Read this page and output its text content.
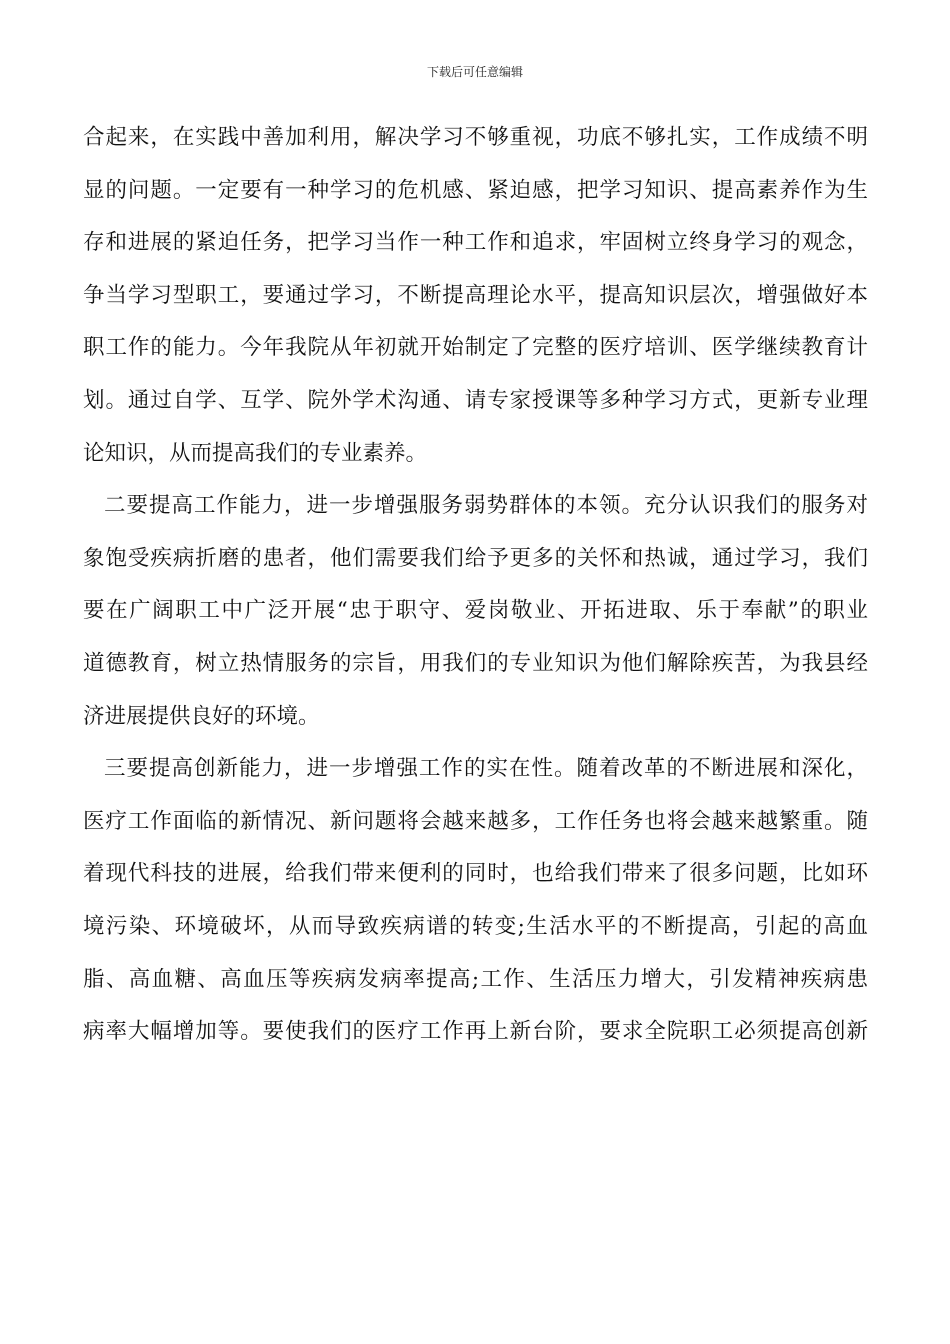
下载后可任意编辑
合起来，在实践中善加利用，解决学习不够重视，功底不够扎实，工作成绩不明
显的问题。一定要有一种学习的危机感、紧迫感，把学习知识、提高素养作为生
存和进展的紧迫任务，把学习当作一种工作和追求，牢固树立终身学习的观念，
争当学习型职工，要通过学习，不断提高理论水平，提高知识层次，增强做好本
职工作的能力。今年我院从年初就开始制定了完整的医疗培训、医学继续教育计
划。通过自学、互学、院外学术沟通、请专家授课等多种学习方式，更新专业理
论知识，从而提高我们的专业素养。
二要提高工作能力，进一步增强服务弱势群体的本领。充分认识我们的服务对
象饱受疾病折磨的患者，他们需要我们给予更多的关怀和热诚，通过学习，我们
要在广阔职工中广泛开展“忠于职守、爱岗敬业、开拓进取、乐于奉献”的职业
道德教育，树立热情服务的宗旨，用我们的专业知识为他们解除疾苦，为我县经
济进展提供良好的环境。
三要提高创新能力，进一步增强工作的实在性。随着改革的不断进展和深化，
医疗工作面临的新情况、新问题将会越来越多，工作任务也将会越来越繁重。随
着现代科技的进展，给我们带来便利的同时，也给我们带来了很多问题，比如环
境污染、环境破坏，从而导致疾病谱的转变;生活水平的不断提高，引起的高血
脂、高血糖、高血压等疾病发病率提高;工作、生活压力增大，引发精神疾病患
病率大幅增加等。要使我们的医疗工作再上新台阶，要求全院职工必须提高创新
